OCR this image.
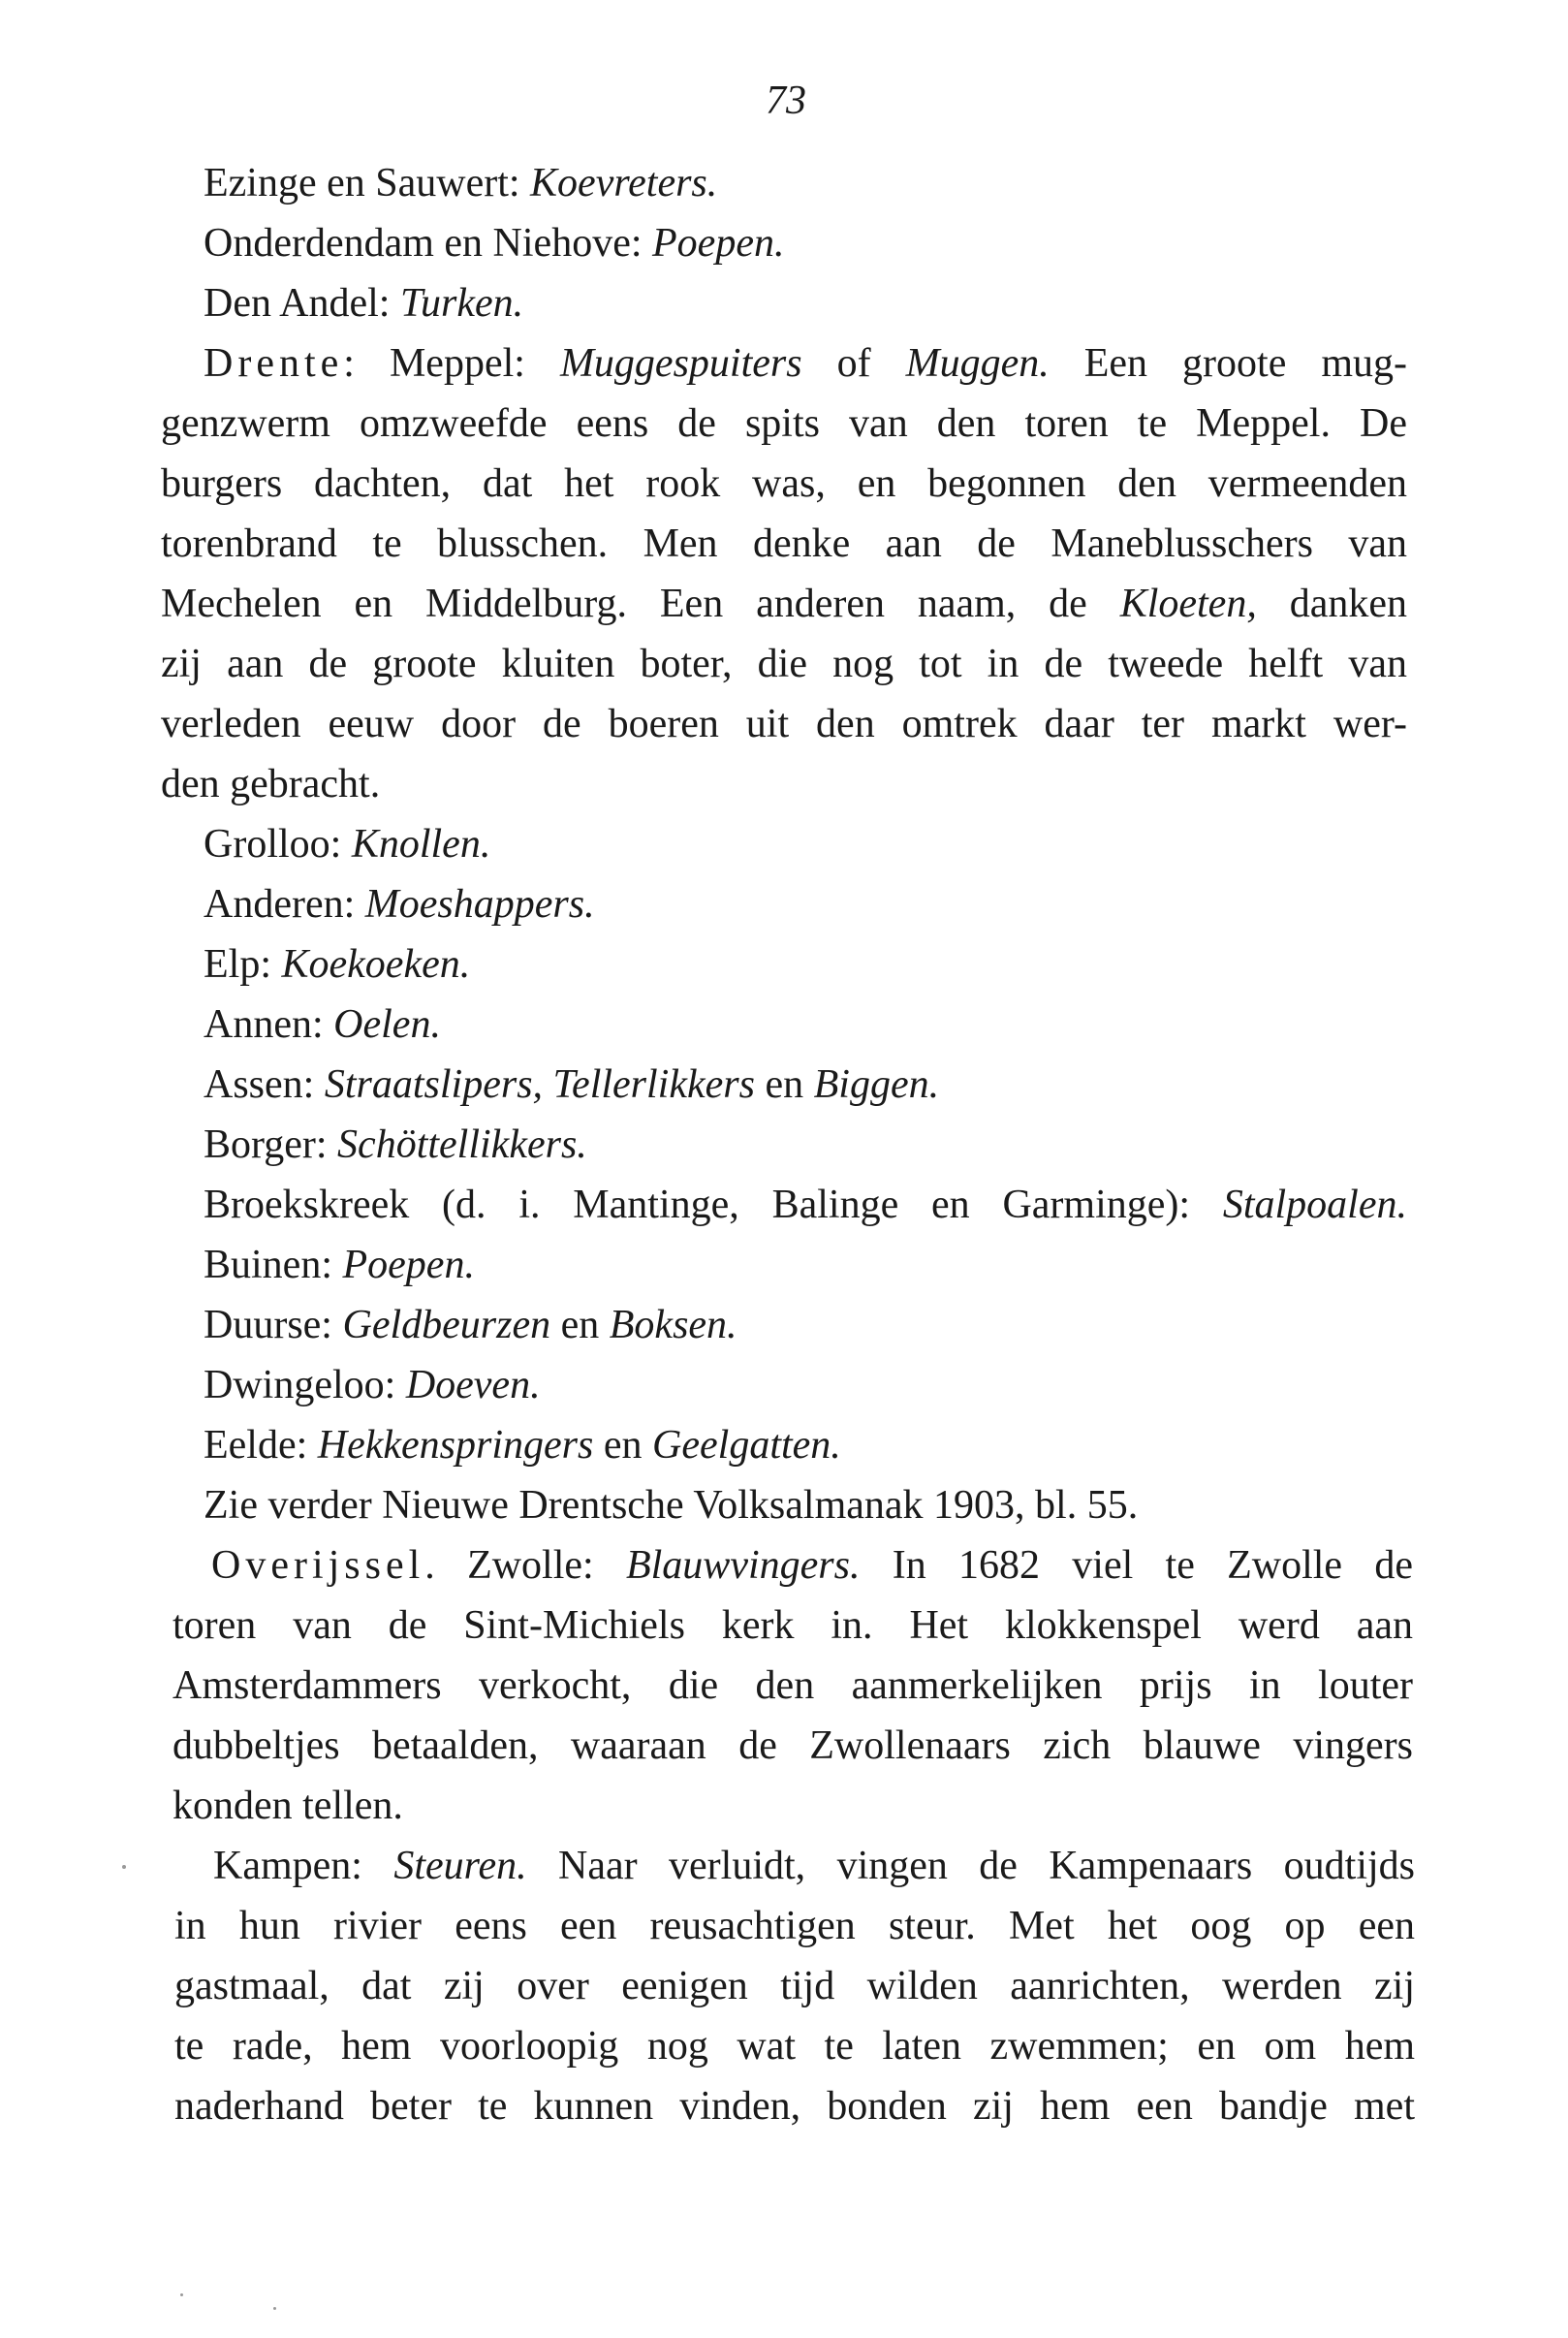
73
Ezinge en Sauwert: Koevreters.
Onderdendam en Niehove: Poepen.
Den Andel: Turken.
Drente: Meppel: Muggespuiters of Muggen. Een groote mug-
genzwerm omzweefde eens de spits van den toren te Meppel. De
burgers dachten, dat het rook was, en begonnen den vermeenden
torenbrand te blusschen. Men denke aan de Maneblusschers van
Mechelen en Middelburg. Een anderen naam, de Kloeten, danken
zij aan de groote kluiten boter, die nog tot in de tweede helft van
verleden eeuw door de boeren uit den omtrek daar ter markt wer-
den gebracht.
Grolloo: Knollen.
Anderen: Moeshappers.
Elp: Koekoeken.
Annen: Oelen.
Assen: Straatslipers, Tellerlikkers en Biggen.
Borger: Schöttellikkers.
Broekskreek (d. i. Mantinge, Balinge en Garminge): Stalpoalen.
Buinen: Poepen.
Duurse: Geldbeurzen en Boksen.
Dwingeloo: Doeven.
Eelde: Hekkenspringers en Geelgatten.
Zie verder Nieuwe Drentsche Volksalmanak 1903, bl. 55.
Overijssel. Zwolle: Blauwvingers. In 1682 viel te Zwolle de
toren van de Sint-Michiels kerk in. Het klokkenspel werd aan
Amsterdammers verkocht, die den aanmerkelijken prijs in louter
dubbeltjes betaalden, waaraan de Zwollenaars zich blauwe vingers
konden tellen.
Kampen: Steuren. Naar verluidt, vingen de Kampenaars oudtijds
in hun rivier eens een reusachtigen steur. Met het oog op een
gastmaal, dat zij over eenigen tijd wilden aanrichten, werden zij
te rade, hem voorloopig nog wat te laten zwemmen; en om hem
naderhand beter te kunnen vinden, bonden zij hem een bandje met
